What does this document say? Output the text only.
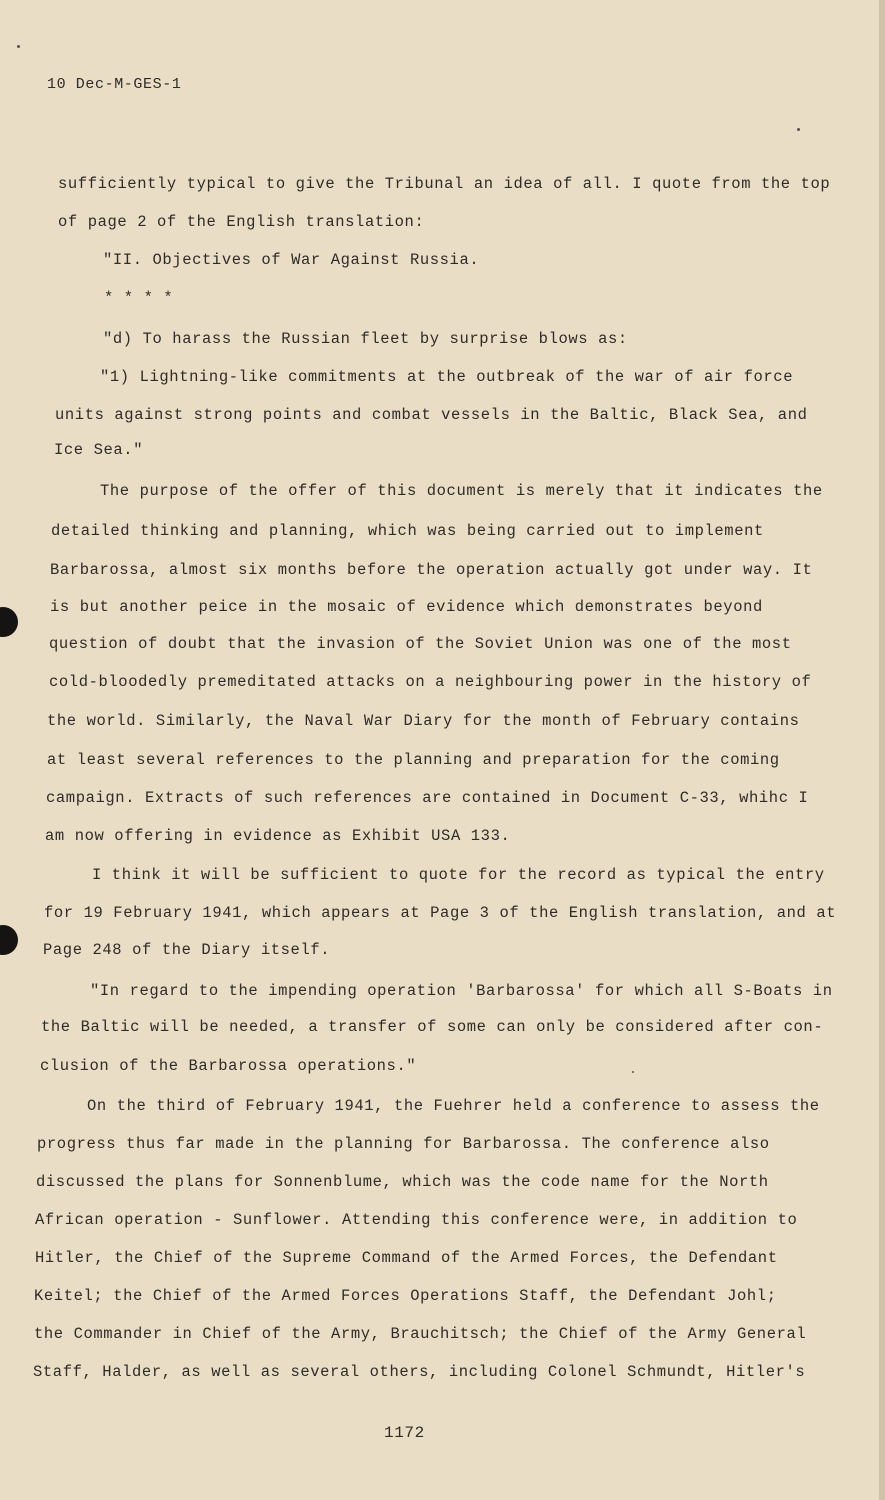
10 Dec-M-GES-1
sufficiently typical to give the Tribunal an idea of all. I quote from the top
of page 2 of the English translation:
"II. Objectives of War Against Russia.
* * * *
"d) To harass the Russian fleet by surprise blows as:
"1) Lightning-like commitments at the outbreak of the war of air force
units against strong points and combat vessels in the Baltic, Black Sea, and
Ice Sea."
The purpose of the offer of this document is merely that it indicates the
detailed thinking and planning, which was being carried out to implement
Barbarossa, almost six months before the operation actually got under way. It
is but another peice in the mosaic of evidence which demonstrates beyond
question of doubt that the invasion of the Soviet Union was one of the most
cold-bloodedly premeditated attacks on a neighbouring power in the history of
the world. Similarly, the Naval War Diary for the month of February contains
at least several references to the planning and preparation for the coming
campaign. Extracts of such references are contained in Document C-33, whihc I
am now offering in evidence as Exhibit USA 133.
I think it will be sufficient to quote for the record as typical the entry
for 19 February 1941, which appears at Page 3 of the English translation, and at
Page 248 of the Diary itself.
"In regard to the impending operation 'Barbarossa' for which all S-Boats in
the Baltic will be needed, a transfer of some can only be considered after con-
clusion of the Barbarossa operations."
On the third of February 1941, the Fuehrer held a conference to assess the
progress thus far made in the planning for Barbarossa. The conference also
discussed the plans for Sonnenblume, which was the code name for the North
African operation - Sunflower. Attending this conference were, in addition to
Hitler, the Chief of the Supreme Command of the Armed Forces, the Defendant
Keitel; the Chief of the Armed Forces Operations Staff, the Defendant Johl;
the Commander in Chief of the Army, Brauchitsch; the Chief of the Army General
Staff, Halder, as well as several others, including Colonel Schmundt, Hitler's
1172
